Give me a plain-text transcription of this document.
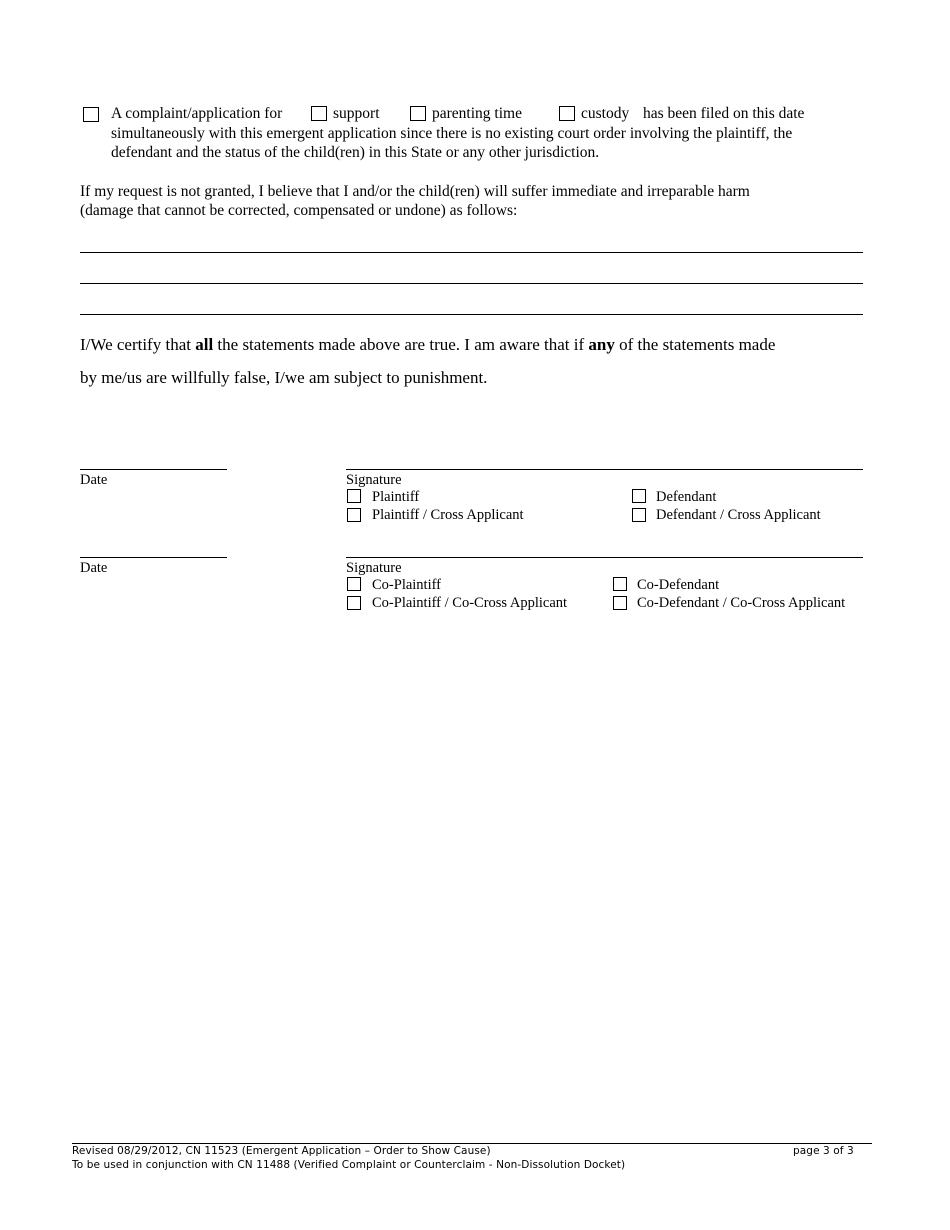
A complaint/application for	support	parenting time	custody has been filed on this date
simultaneously with this emergent application since there is no existing court order involving the plaintiff, the
defendant and the status of the child(ren) in this State or any other jurisdiction.
If my request is not granted, I believe that I and/or the child(ren) will suffer immediate and irreparable harm
(damage that cannot be corrected, compensated or undone) as follows:
I/We certify that all the statements made above are true. I am aware that if any of the statements made
by me/us are willfully false, I/we am subject to punishment.
Date	Signature
Plaintiff
Plaintiff / Cross Applicant
Defendant
Defendant / Cross Applicant
Date	Signature
Co-Plaintiff
Co-Plaintiff / Co-Cross Applicant
Co-Defendant
Co-Defendant / Co-Cross Applicant
Revised 08/29/2012, CN 11523 (Emergent Application – Order to Show Cause)
To be used in conjunction with CN 11488 (Verified Complaint or Counterclaim - Non-Dissolution Docket)
page 3 of 3
